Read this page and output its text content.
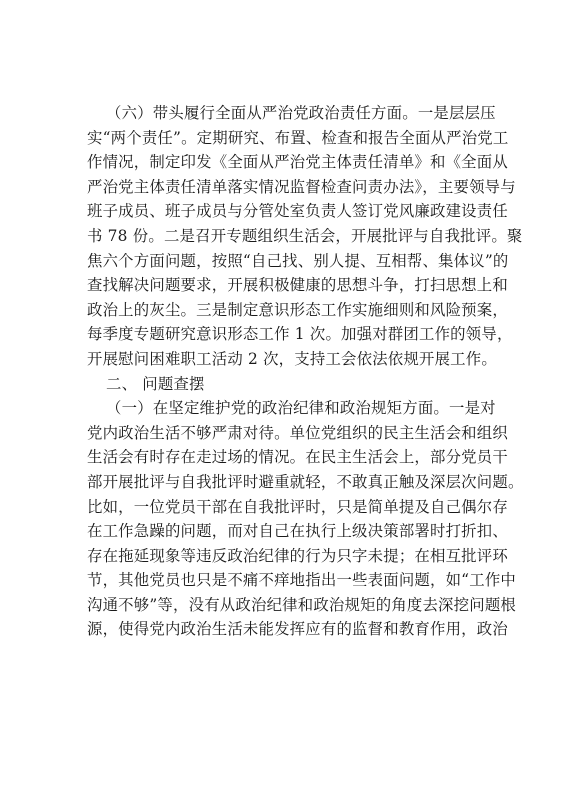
（六）带头履行全面从严治党政治责任方面。一是层层压
实“两个责任”。定期研究、布置、检查和报告全面从严治党工
作情况，制定印发《全面从严治党主体责任清单》和《全面从
严治党主体责任清单落实情况监督检查问责办法》，主要领导与
班子成员、班子成员与分管处室负责人签订党风廉政建设责任
书 78 份。二是召开专题组织生活会，开展批评与自我批评。聚
焦六个方面问题，按照“自己找、别人提、互相帮、集体议”的
查找解决问题要求，开展积极健康的思想斗争，打扫思想上和
政治上的灰尘。三是制定意识形态工作实施细则和风险预案，
每季度专题研究意识形态工作 1 次。加强对群团工作的领导，
开展慰问困难职工活动 2 次，支持工会依法依规开展工作。
二、 问题查摆
（一）在坚定维护党的政治纪律和政治规矩方面。一是对
党内政治生活不够严肃对待。单位党组织的民主生活会和组织
生活会有时存在走过场的情况。在民主生活会上，部分党员干
部开展批评与自我批评时避重就轻，不敢真正触及深层次问题。
比如，一位党员干部在自我批评时，只是简单提及自己偶尔存
在工作急躁的问题，而对自己在执行上级决策部署时打折扣、
存在拖延现象等违反政治纪律的行为只字未提；在相互批评环
节，其他党员也只是不痛不痒地指出一些表面问题，如“工作中
沟通不够”等，没有从政治纪律和政治规矩的角度去深挖问题根
源，使得党内政治生活未能发挥应有的监督和教育作用，政治
